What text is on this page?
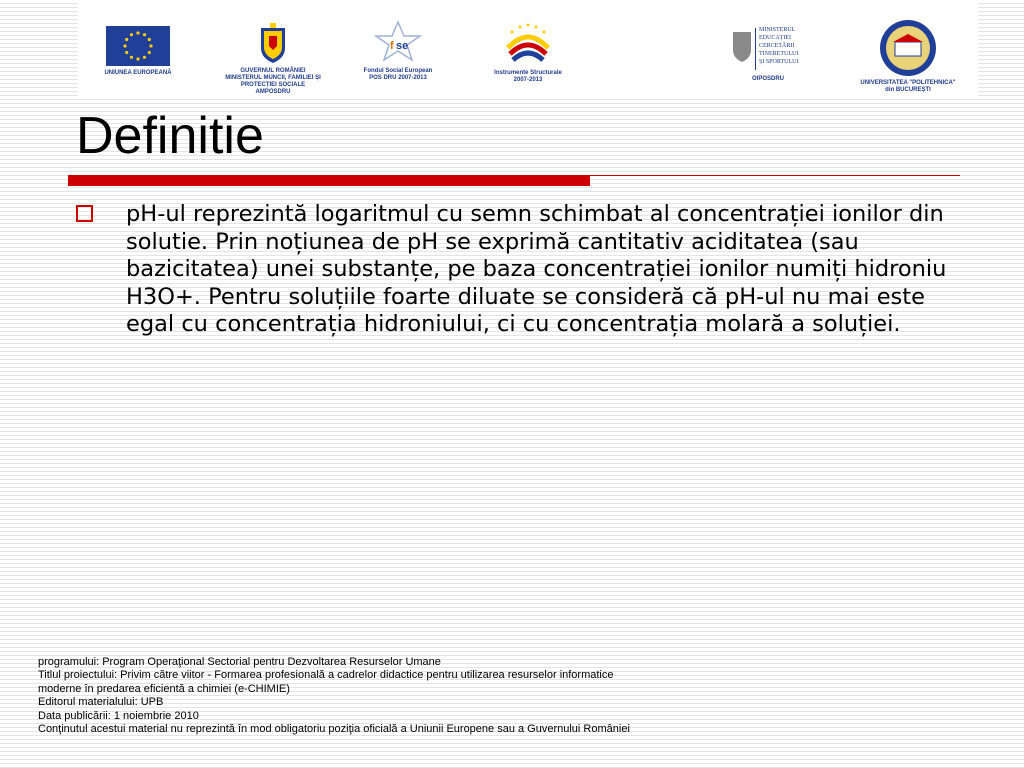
UNIUNEA EUROPEANĂ	GUVERNUL ROMÂNIEI
MINISTERUL MUNCII, FAMILIEI ȘI
PROTECȚIEI SOCIALE
AMPOSDRU
f se
Fondul Social European
POS DRU 2007-2013
Instrumente Structurale
2007-2013
MINISTERUL
EDUCAȚIEI
CERCETĂRII
TINERETULUI
ȘI SPORTULUI
OIPOSDRU
UNIVERSITATEA "POLITEHNICA"
din BUCUREȘTI
Definitie
pH-ul reprezintă logaritmul cu semn schimbat al concentrației ionilor din solutie. Prin noțiunea de pH se exprimă cantitativ aciditatea (sau bazicitatea) unei substanțe, pe baza concentrației ionilor numiți hidroniu H3O+. Pentru soluțiile foarte diluate se consideră că pH-ul nu mai este egal cu concentrația hidroniului, ci cu concentrația molară a soluției.
programului: Program Operaţional Sectorial pentru Dezvoltarea Resurselor Umane
Titlul proiectului: Privim către viitor - Formarea profesională a cadrelor didactice pentru utilizarea resurselor informatice
moderne în predarea eficientă a chimiei (e-CHIMIE)
Editorul materialului: UPB
Data publicării: 1 noiembrie 2010
Conţinutul acestui material nu reprezintă în mod obligatoriu poziţia oficială a Uniunii Europene sau a Guvernului României
